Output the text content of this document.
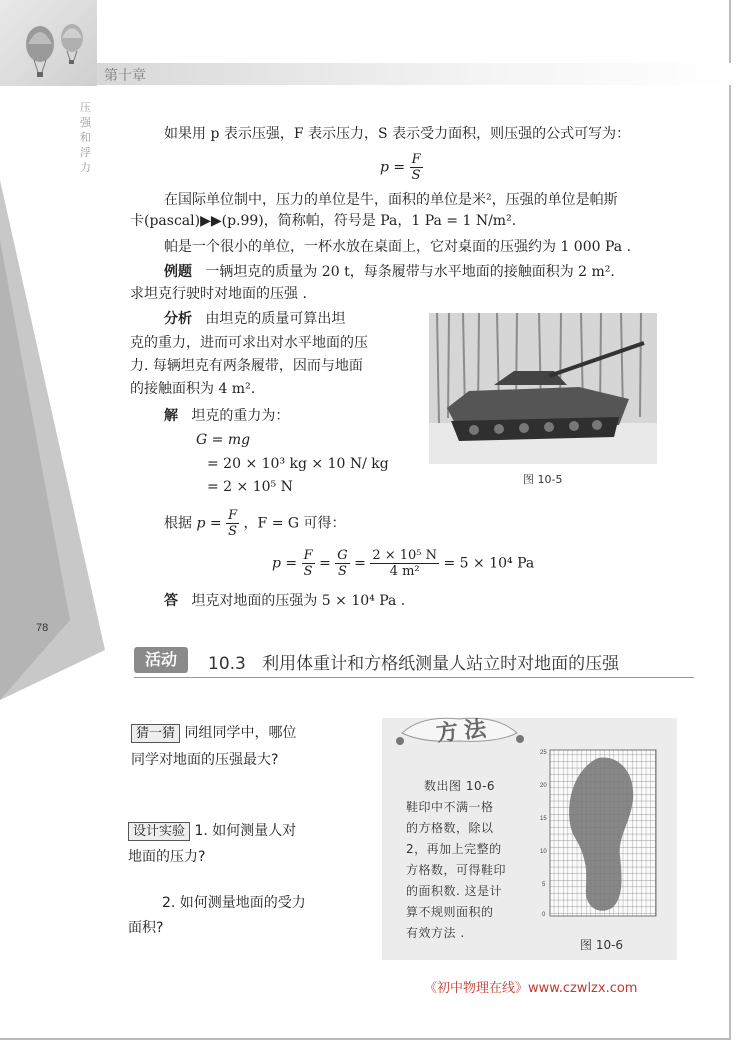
第十章
压强和浮力
78
如果用 p 表示压强，F 表示压力，S 表示受力面积，则压强的公式可写为：
$p = \frac{F}{S}$
在国际单位制中，压力的单位是牛，面积的单位是米²，压强的单位是帕斯
卡(pascal)▶▶(p.99)，简称帕，符号是 Pa，1 Pa = 1 N/m².
帕是一个很小的单位，一杯水放在桌面上，它对桌面的压强约为 1 000 Pa .
例题 一辆坦克的质量为 20 t，每条履带与水平地面的接触面积为 2 m².
求坦克行驶时对地面的压强 .
分析 由坦克的质量可算出坦
克的重力，进而可求出对水平地面的压
力. 每辆坦克有两条履带，因而与地面
的接触面积为 4 m².
解 坦克的重力为：
G = mg
= 20 × 10³ kg × 10 N/ kg
= 2 × 10⁵ N
根据 $p = \frac{F}{S}$ ，F = G 可得：
$p = \frac{F}{S} = \frac{G}{S} = \frac{\text{2 × 10⁵ N}}{\text{4 m²}} = 5 \times 10^4$ Pa
答 坦克对地面的压强为 5 × 10⁴ Pa .
图 10-5
活动	10.3 利用体重计和方格纸测量人站立时对地面的压强
猜一猜 同组同学中，哪位
同学对地面的压强最大?
设计实验 1. 如何测量人对
地面的压力?
2. 如何测量地面的受力
面积?
方法
数出图 10-6
鞋印中不满一格
的方格数，除以
2，再加上完整的
方格数，可得鞋印
的面积数. 这是计
算不规则面积的
有效方法 .
25
20
15
10
5
0
图 10-6
《初中物理在线》www.czwlzx.com
